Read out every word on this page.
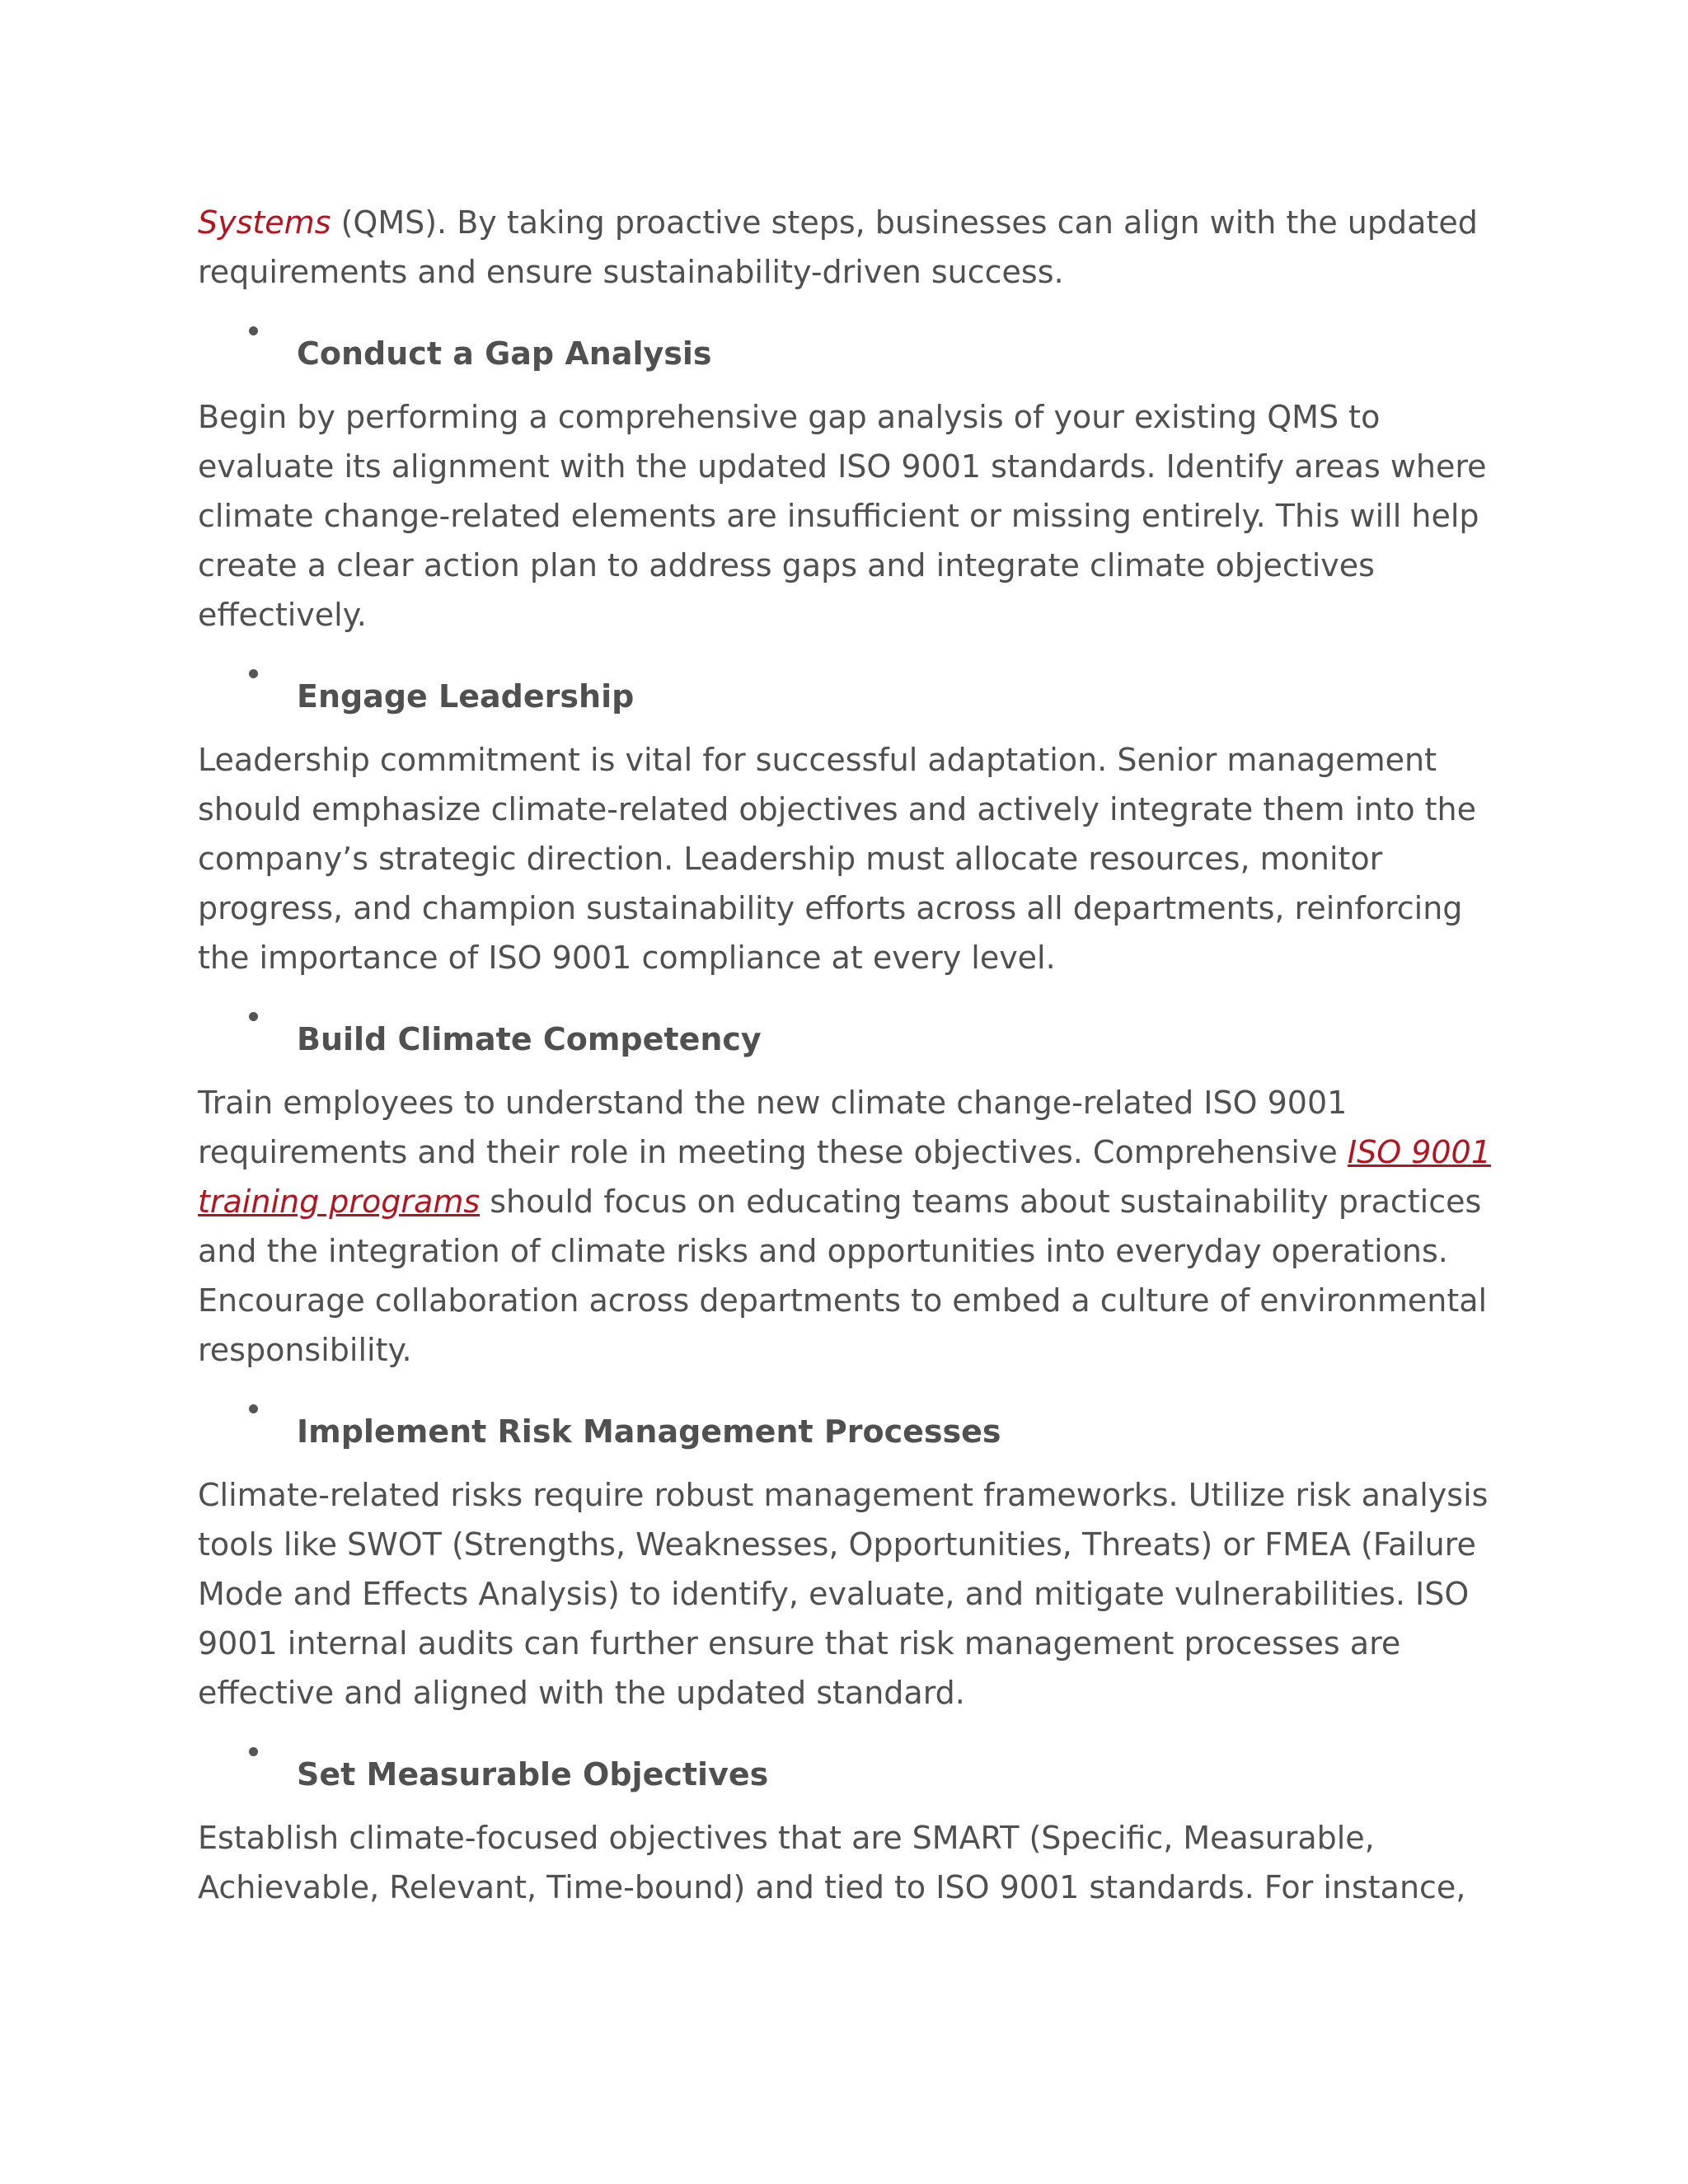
Systems (QMS). By taking proactive steps, businesses can align with the updated requirements and ensure sustainability-driven success.

Conduct a Gap Analysis

Begin by performing a comprehensive gap analysis of your existing QMS to evaluate its alignment with the updated ISO 9001 standards. Identify areas where climate change-related elements are insufficient or missing entirely. This will help create a clear action plan to address gaps and integrate climate objectives effectively.

Engage Leadership

Leadership commitment is vital for successful adaptation. Senior management should emphasize climate-related objectives and actively integrate them into the company’s strategic direction. Leadership must allocate resources, monitor progress, and champion sustainability efforts across all departments, reinforcing the importance of ISO 9001 compliance at every level.

Build Climate Competency

Train employees to understand the new climate change-related ISO 9001 requirements and their role in meeting these objectives. Comprehensive ISO 9001 training programs should focus on educating teams about sustainability practices and the integration of climate risks and opportunities into everyday operations. Encourage collaboration across departments to embed a culture of environmental responsibility.

Implement Risk Management Processes

Climate-related risks require robust management frameworks. Utilize risk analysis tools like SWOT (Strengths, Weaknesses, Opportunities, Threats) or FMEA (Failure Mode and Effects Analysis) to identify, evaluate, and mitigate vulnerabilities. ISO 9001 internal audits can further ensure that risk management processes are effective and aligned with the updated standard.

Set Measurable Objectives

Establish climate-focused objectives that are SMART (Specific, Measurable, Achievable, Relevant, Time-bound) and tied to ISO 9001 standards. For instance,
